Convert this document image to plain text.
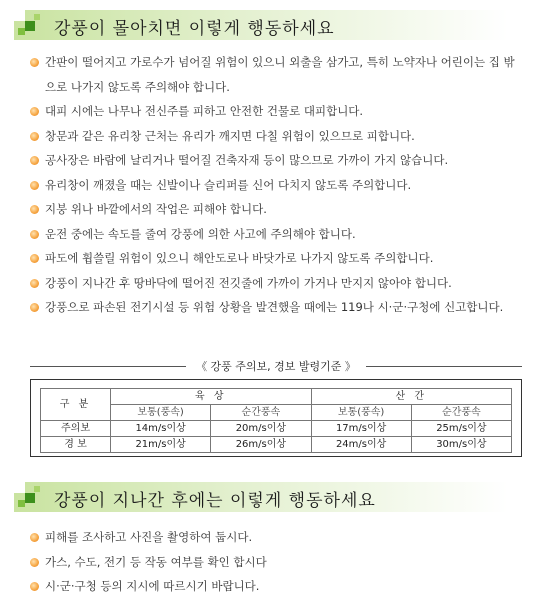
강풍이 몰아치면 이렇게 행동하세요
간판이 떨어지고 가로수가 넘어질 위험이 있으니 외출을 삼가고, 특히 노약자나 어린이는 집 밖으로 나가지 않도록 주의해야 합니다.
대피 시에는 나무나 전신주를 피하고 안전한 건물로 대피합니다.
창문과 같은 유리창 근처는 유리가 깨지면 다칠 위험이 있으므로 피합니다.
공사장은 바람에 날리거나 떨어질 건축자재 등이 많으므로 가까이 가지 않습니다.
유리창이 깨졌을 때는 신발이나 슬리퍼를 신어 다치지 않도록 주의합니다.
지붕 위나 바깥에서의 작업은 피해야 합니다.
운전 중에는 속도를 줄여 강풍에 의한 사고에 주의해야 합니다.
파도에 휩쓸릴 위험이 있으니 해안도로나 바닷가로 나가지 않도록 주의합니다.
강풍이 지나간 후 땅바닥에 떨어진 전깃줄에 가까이 가거나 만지지 않아야 합니다.
강풍으로 파손된 전기시설 등 위험 상황을 발견했을 때에는 119나 시·군·구청에 신고합니다.
《 강풍 주의보, 경보 발령기준 》
구 분	육 상		산 간	
	보통(풍속)	순간풍속	보통(풍속)	순간풍속
주의보	14m/s이상	20m/s이상	17m/s이상	25m/s이상
경 보	21m/s이상	26m/s이상	24m/s이상	30m/s이상
강풍이 지나간 후에는 이렇게 행동하세요
피해를 조사하고 사진을 촬영하여 둡시다.
가스, 수도, 전기 등 작동 여부를 확인 합시다
시·군·구청 등의 지시에 따르시기 바랍니다.
